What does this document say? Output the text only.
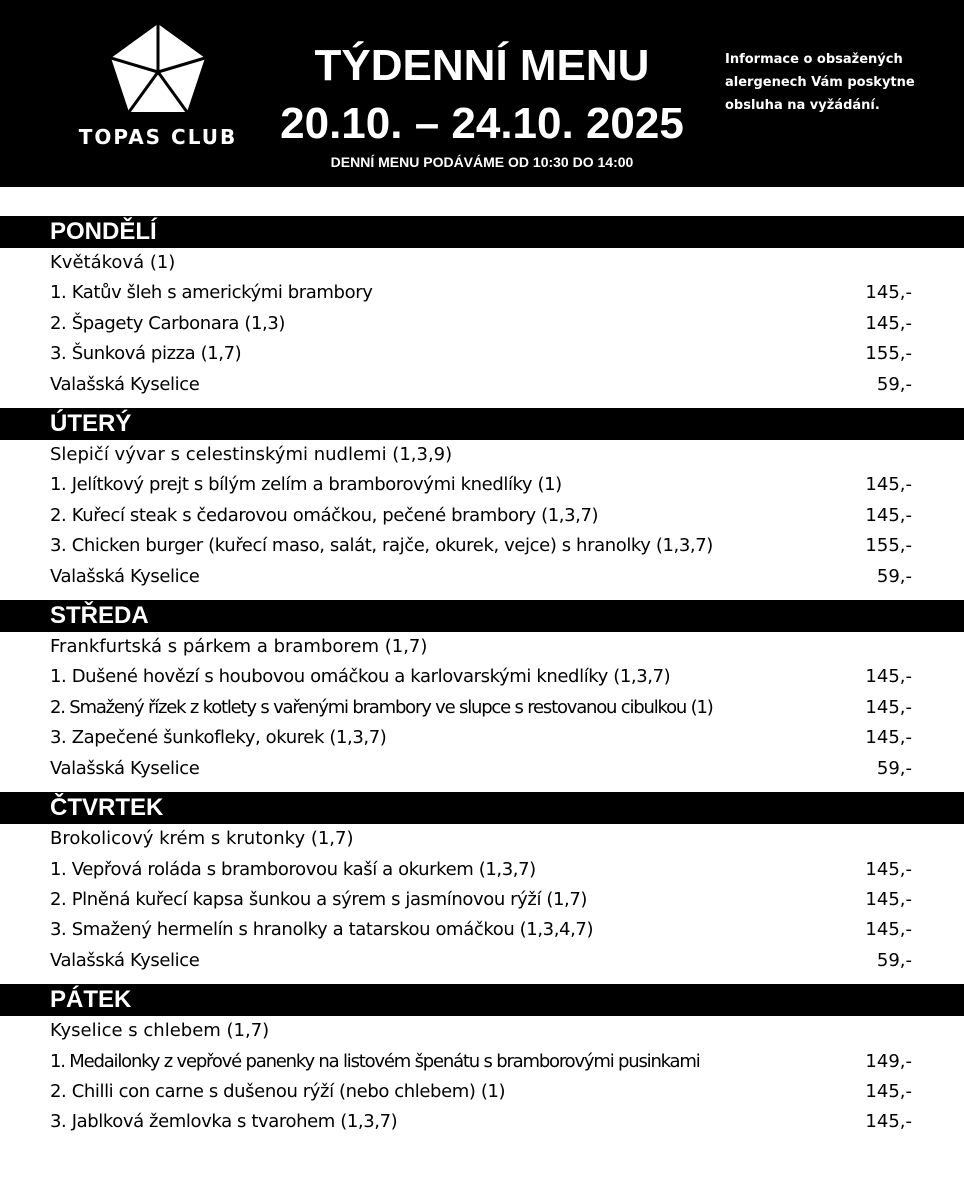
TOPAS CLUB
TÝDENNÍ MENU
20.10. – 24.10. 2025
DENNÍ MENU PODÁVÁME OD 10:30 DO 14:00
Informace o obsažených alergenech Vám poskytne obsluha na vyžádání.
PONDĚLÍ
Květáková (1)
1. Katův šleh s americkými brambory	145,-
2. Špagety Carbonara (1,3)	145,-
3. Šunková pizza (1,7)	155,-
Valašská Kyselice	59,-
ÚTERÝ
Slepičí vývar s celestinskými nudlemi (1,3,9)
1. Jelítkový prejt s bílým zelím a bramborovými knedlíky (1)	145,-
2. Kuřecí steak s čedarovou omáčkou, pečené brambory (1,3,7)	145,-
3. Chicken burger (kuřecí maso, salát, rajče, okurek, vejce) s hranolky (1,3,7)	155,-
Valašská Kyselice	59,-
STŘEDA
Frankfurtská s párkem a bramborem (1,7)
1. Dušené hovězí s houbovou omáčkou a karlovarskými knedlíky (1,3,7)	145,-
2. Smažený řízek z kotlety s vařenými brambory ve slupce s restovanou cibulkou (1)	145,-
3. Zapečené šunkofleky, okurek (1,3,7)	145,-
Valašská Kyselice	59,-
ČTVRTEK
Brokolicový krém s krutonky (1,7)
1. Vepřová roláda s bramborovou kaší a okurkem (1,3,7)	145,-
2. Plněná kuřecí kapsa šunkou a sýrem s jasmínovou rýží (1,7)	145,-
3. Smažený hermelín s hranolky a tatarskou omáčkou (1,3,4,7)	145,-
Valašská Kyselice	59,-
PÁTEK
Kyselice s chlebem (1,7)
1. Medailonky z vepřové panenky na listovém špenátu s bramborovými pusinkami	149,-
2. Chilli con carne s dušenou rýží (nebo chlebem) (1)	145,-
3. Jablková žemlovka s tvarohem (1,3,7)	145,-
